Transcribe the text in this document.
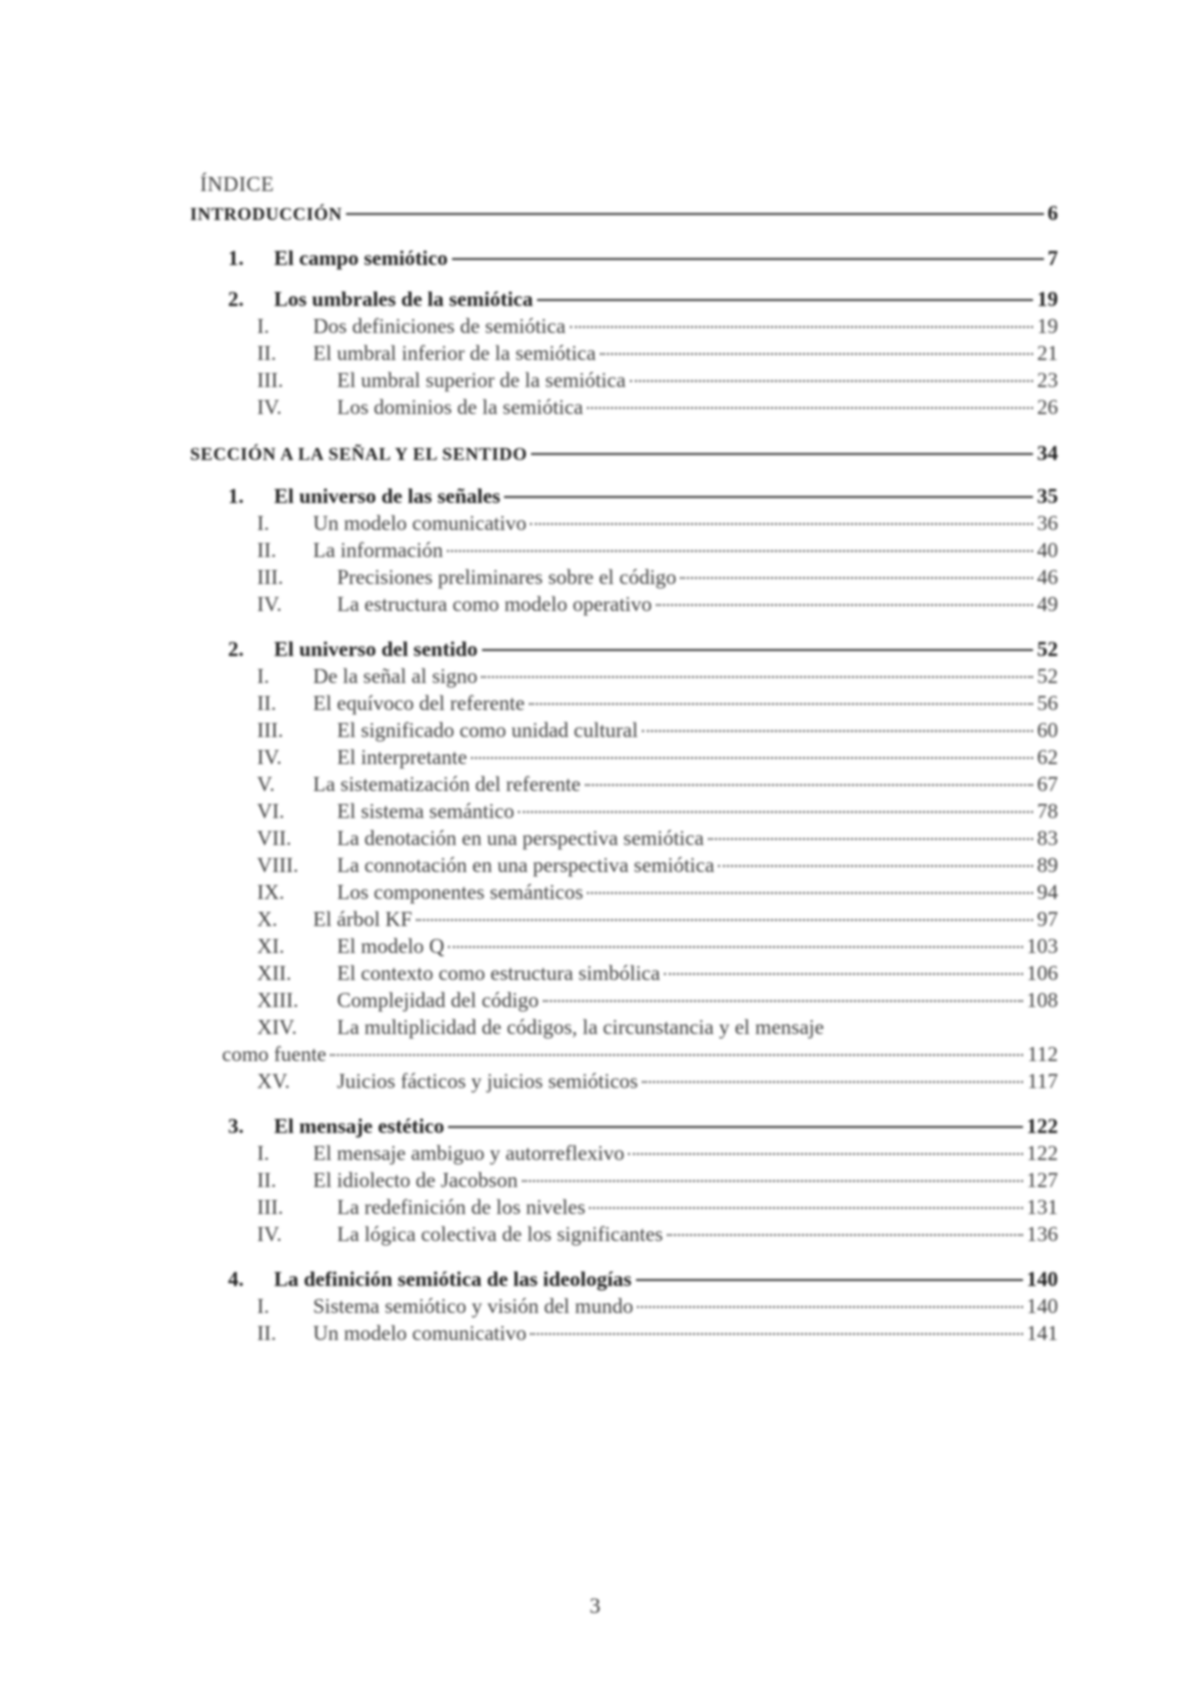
ÍNDICE
INTRODUCCIÓN	6
1.	El campo semiótico	7
2.	Los umbrales de la semiótica	19
I.	Dos definiciones de semiótica	19
II.	El umbral inferior de la semiótica	21
III.	El umbral superior de la semiótica	23
IV.	Los dominios de la semiótica	26
SECCIÓN A LA SEÑAL Y EL SENTIDO	34
1.	El universo de las señales	35
I.	Un modelo comunicativo	36
II.	La información	40
III.	Precisiones preliminares sobre el código	46
IV.	La estructura como modelo operativo	49
2.	El universo del sentido	52
I.	De la señal al signo	52
II.	El equívoco del referente	56
III.	El significado como unidad cultural	60
IV.	El interpretante	62
V.	La sistematización del referente	67
VI.	El sistema semántico	78
VII.	La denotación en una perspectiva semiótica	83
VIII.	La connotación en una perspectiva semiótica	89
IX.	Los componentes semánticos	94
X.	El árbol KF	97
XI.	El modelo Q	103
XII.	El contexto como estructura simbólica	106
XIII.	Complejidad del código	108
XIV.	La multiplicidad de códigos, la circunstancia y el mensaje
como fuente	112
XV.	Juicios fácticos y juicios semióticos	117
3.	El mensaje estético	122
I.	El mensaje ambiguo y autorreflexivo	122
II.	El idiolecto de Jacobson	127
III.	La redefinición de los niveles	131
IV.	La lógica colectiva de los significantes	136
4.	La definición semiótica de las ideologías	140
I.	Sistema semiótico y visión del mundo	140
II.	Un modelo comunicativo	141
3
